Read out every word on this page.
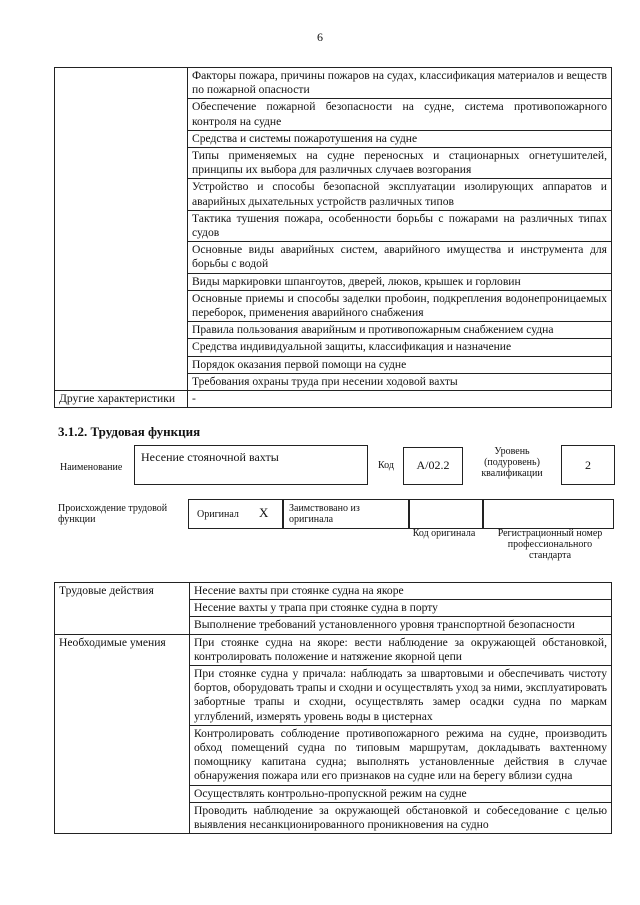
6
	Факторы пожара, причины пожаров на судах, классификация материалов и веществ по пожарной опасности
	Обеспечение пожарной безопасности на судне, система противопожарного контроля на судне
	Средства и системы пожаротушения на судне
	Типы применяемых на судне переносных и стационарных огнетушителей, принципы их выбора для различных случаев возгорания
	Устройство и способы безопасной эксплуатации изолирующих аппаратов и аварийных дыхательных устройств различных типов
	Тактика тушения пожара, особенности борьбы с пожарами на различных типах судов
	Основные виды аварийных систем, аварийного имущества и инструмента для борьбы с водой
	Виды маркировки шпангоутов, дверей, люков, крышек и горловин
	Основные приемы и способы заделки пробоин, подкрепления водонепроницаемых переборок, применения аварийного снабжения
	Правила пользования аварийным и противопожарным снабжением судна
	Средства индивидуальной защиты, классификация и назначение
	Порядок оказания первой помощи на судне
	Требования охраны труда при несении ходовой вахты
Другие характеристики	-
3.1.2. Трудовая функция
Наименование
Несение стояночной вахты
Код	A/02.2
Уровень (подуровень) квалификации
2
Происхождение трудовой функции	Оригинал X Заимствовано из оригинала
Код оригинала	Регистрационный номер профессионального стандарта
Трудовые действия	Несение вахты при стоянке судна на якоре
	Несение вахты у трапа при стоянке судна в порту
	Выполнение требований установленного уровня транспортной безопасности
Необходимые умения	При стоянке судна на якоре: вести наблюдение за окружающей обстановкой, контролировать положение и натяжение якорной цепи
	При стоянке судна у причала: наблюдать за швартовыми и обеспечивать чистоту бортов, оборудовать трапы и сходни и осуществлять уход за ними, эксплуатировать забортные трапы и сходни, осуществлять замер осадки судна по маркам углублений, измерять уровень воды в цистернах
	Контролировать соблюдение противопожарного режима на судне, производить обход помещений судна по типовым маршрутам, докладывать вахтенному помощнику капитана судна; выполнять установленные действия в случае обнаружения пожара или его признаков на судне или на берегу вблизи судна
	Осуществлять контрольно-пропускной режим на судне
	Проводить наблюдение за окружающей обстановкой и собеседование с целью выявления несанкционированного проникновения на судно
